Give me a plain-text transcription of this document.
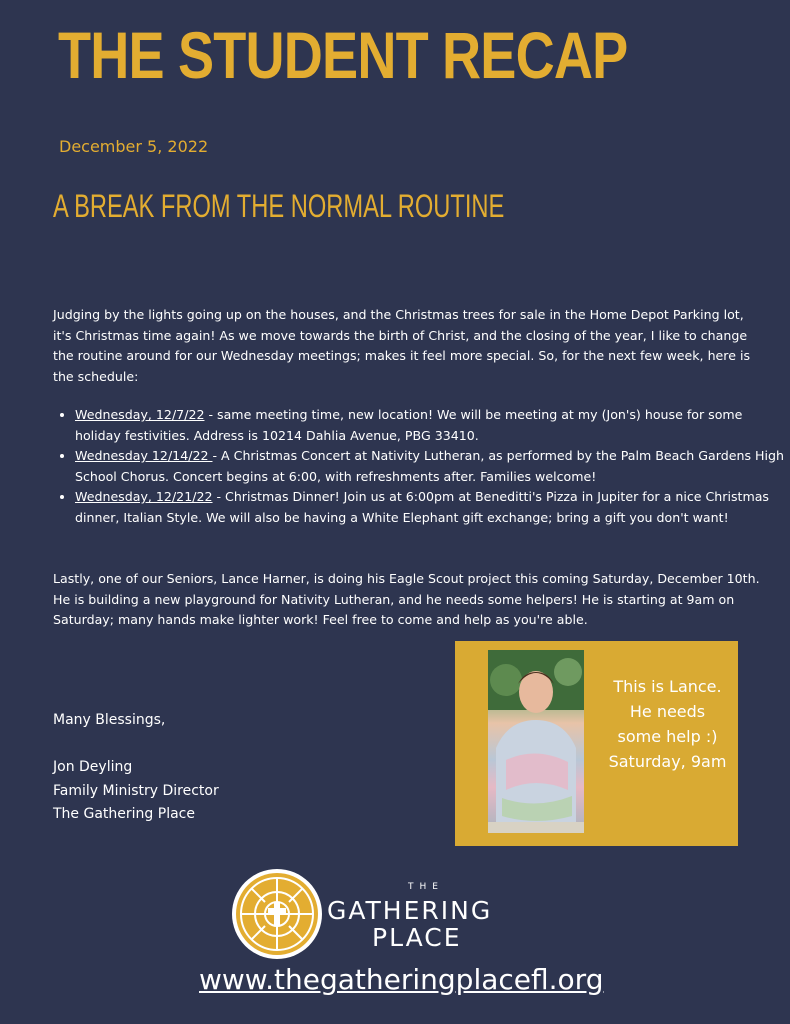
THE STUDENT RECAP
December 5, 2022
A BREAK FROM THE NORMAL ROUTINE

Judging by the lights going up on the houses, and the Christmas trees for sale in the Home Depot Parking lot, it's Christmas time again! As we move towards the birth of Christ, and the closing of the year, I like to change the routine around for our Wednesday meetings; makes it feel more special. So, for the next few week, here is the schedule:

• Wednesday, 12/7/22 - same meeting time, new location! We will be meeting at my (Jon's) house for some holiday festivities. Address is 10214 Dahlia Avenue, PBG 33410.
• Wednesday 12/14/22 - A Christmas Concert at Nativity Lutheran, as performed by the Palm Beach Gardens High School Chorus. Concert begins at 6:00, with refreshments after. Families welcome!
• Wednesday, 12/21/22 - Christmas Dinner! Join us at 6:00pm at Beneditti's Pizza in Jupiter for a nice Christmas dinner, Italian Style. We will also be having a White Elephant gift exchange; bring a gift you don't want!

Lastly, one of our Seniors, Lance Harner, is doing his Eagle Scout project this coming Saturday, December 10th. He is building a new playground for Nativity Lutheran, and he needs some helpers! He is starting at 9am on Saturday; many hands make lighter work! Feel free to come and help as you're able.

Many Blessings,
Jon Deyling
Family Ministry Director
The Gathering Place
This is Lance.
He needs
some help :)
Saturday, 9am
THE
GATHERING
PLACE
www.thegatheringplacefl.org
